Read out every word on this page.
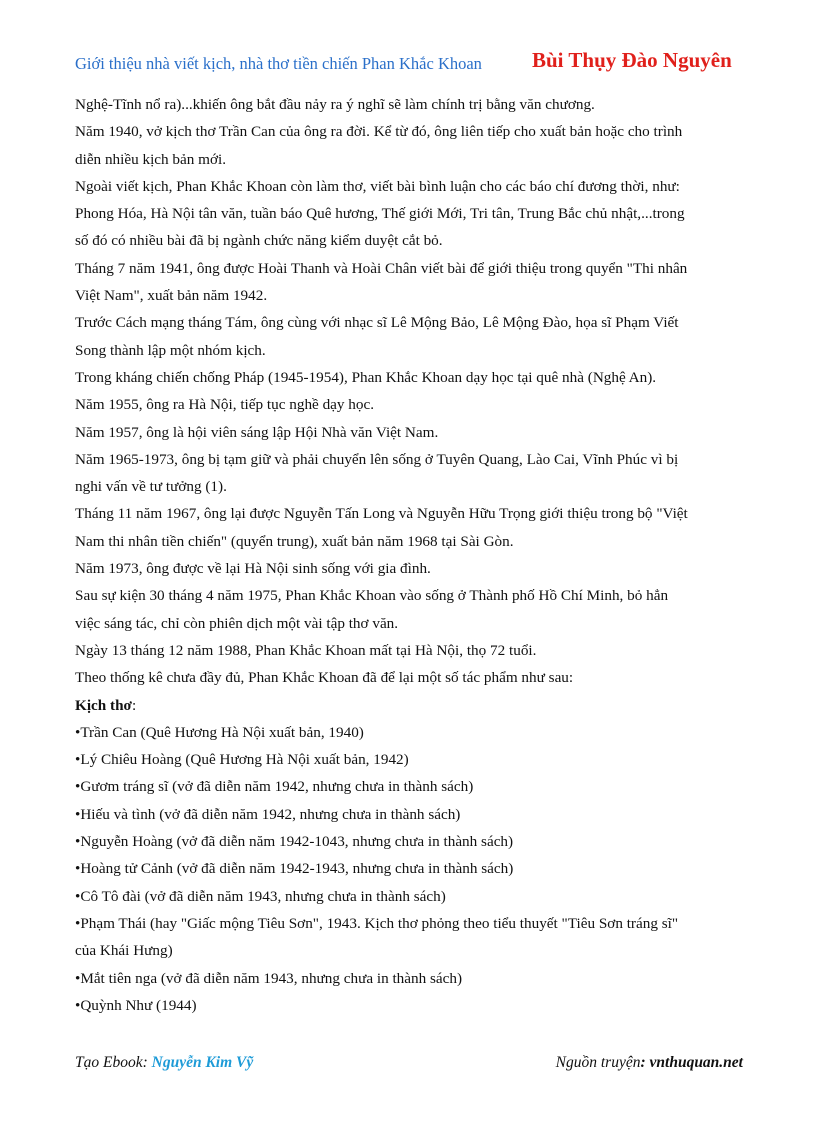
Giới thiệu nhà viết kịch, nhà thơ tiền chiến Phan Khắc Khoan Bùi Thụy Đào Nguyên
Nghệ-Tĩnh nổ ra)...khiến ông bắt đầu nảy ra ý nghĩ sẽ làm chính trị bằng văn chương.
Năm 1940, vở kịch thơ Trần Can của ông ra đời. Kể từ đó, ông liên tiếp cho xuất bản hoặc cho trình
diễn nhiều kịch bản mới.
Ngoài viết kịch, Phan Khắc Khoan còn làm thơ, viết bài bình luận cho các báo chí đương thời, như:
Phong Hóa, Hà Nội tân văn, tuần báo Quê hương, Thế giới Mới, Tri tân, Trung Bắc chủ nhật,...trong
số đó có nhiều bài đã bị ngành chức năng kiểm duyệt cắt bỏ.
Tháng 7 năm 1941, ông được Hoài Thanh và Hoài Chân viết bài để giới thiệu trong quyển "Thi nhân
Việt Nam", xuất bản năm 1942.
Trước Cách mạng tháng Tám, ông cùng với nhạc sĩ Lê Mộng Bảo, Lê Mộng Đào, họa sĩ Phạm Viết
Song thành lập một nhóm kịch.
Trong kháng chiến chống Pháp (1945-1954), Phan Khắc Khoan dạy học tại quê nhà (Nghệ An).
Năm 1955, ông ra Hà Nội, tiếp tục nghề dạy học.
Năm 1957, ông là hội viên sáng lập Hội Nhà văn Việt Nam.
Năm 1965-1973, ông bị tạm giữ và phải chuyển lên sống ở Tuyên Quang, Lào Cai, Vĩnh Phúc vì bị
nghi vấn về tư tưởng (1).
Tháng 11 năm 1967, ông lại được Nguyễn Tấn Long và Nguyễn Hữu Trọng giới thiệu trong bộ "Việt
Nam thi nhân tiền chiến" (quyển trung), xuất bản năm 1968 tại Sài Gòn.
Năm 1973, ông được về lại Hà Nội sinh sống với gia đình.
Sau sự kiện 30 tháng 4 năm 1975, Phan Khắc Khoan vào sống ở Thành phố Hồ Chí Minh, bỏ hẳn
việc sáng tác, chỉ còn phiên dịch một vài tập thơ văn.
Ngày 13 tháng 12 năm 1988, Phan Khắc Khoan mất tại Hà Nội, thọ 72 tuổi.
Theo thống kê chưa đầy đủ, Phan Khắc Khoan đã để lại một số tác phẩm như sau:
Kịch thơ:
•Trần Can (Quê Hương Hà Nội xuất bản, 1940)
•Lý Chiêu Hoàng (Quê Hương Hà Nội xuất bản, 1942)
•Gươm tráng sĩ (vở đã diễn năm 1942, nhưng chưa in thành sách)
•Hiếu và tình (vở đã diễn năm 1942, nhưng chưa in thành sách)
•Nguyễn Hoàng (vở đã diễn năm 1942-1043, nhưng chưa in thành sách)
•Hoàng tử Cảnh (vở đã diễn năm 1942-1943, nhưng chưa in thành sách)
•Cô Tô đài (vở đã diễn năm 1943, nhưng chưa in thành sách)
•Phạm Thái (hay "Giấc mộng Tiêu Sơn", 1943. Kịch thơ phỏng theo tiểu thuyết "Tiêu Sơn tráng sĩ"
của Khái Hưng)
•Mắt tiên nga (vở đã diễn năm 1943, nhưng chưa in thành sách)
•Quỳnh Như (1944)
Tạo Ebook: Nguyễn Kim Vỹ	Nguồn truyện: vnthuquan.net
